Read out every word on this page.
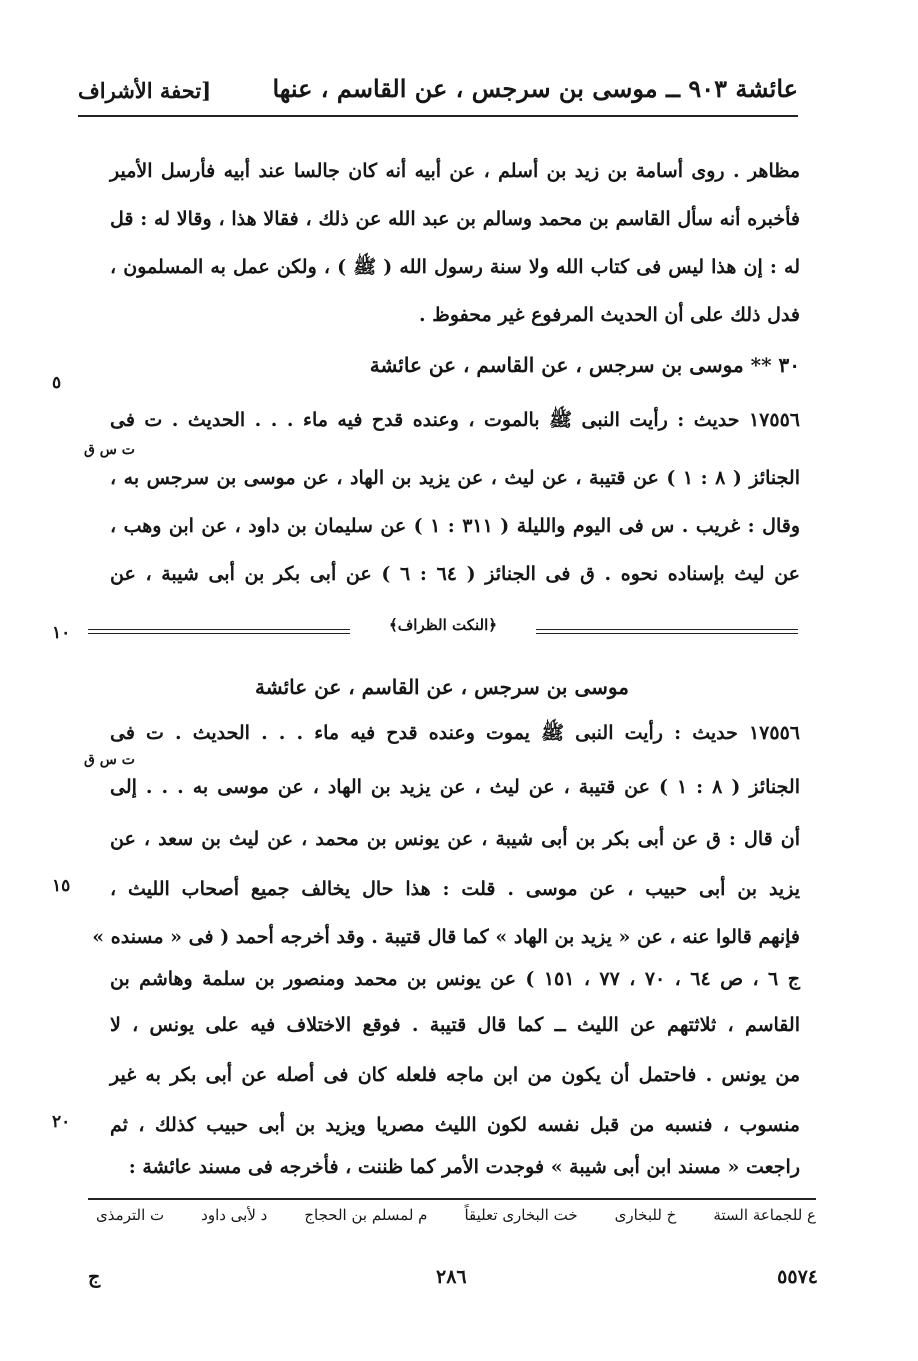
عائشة ٩٠٣ ــ موسى بن سرجس ، عن القاسم ، عنها
[تحفة الأشراف
مظاهر . روى أسامة بن زيد بن أسلم ، عن أبيه أنه كان جالسا عند أبيه فأرسل الأمير
فأخبره أنه سأل القاسم بن محمد وسالم بن عبد الله عن ذلك ، فقالا هذا ، وقالا له : قل
له : إن هذا ليس فى كتاب الله ولا سنة رسول الله ( ﷺ ) ، ولكن عمل به المسلمون ،
فدل ذلك على أن الحديث المرفوع غير محفوظ .
٣٠ ** موسى بن سرجس ، عن القاسم ، عن عائشة
٥
١٧٥٥٦ حديث : رأيت النبى ﷺ بالموت ، وعنده قدح فيه ماء . . . الحديث . ت فى
ت س ق
الجنائز ( ٨ : ١ ) عن قتيبة ، عن ليث ، عن يزيد بن الهاد ، عن موسى بن سرجس به ،
وقال : غريب . س فى اليوم والليلة ( ٣١١ : ١ ) عن سليمان بن داود ، عن ابن وهب ،
عن ليث بإسناده نحوه . ق فى الجنائز ( ٦٤ : ٦ ) عن أبى بكر بن أبى شيبة ، عن
﴿النكت الظراف﴾
١٠
موسى بن سرجس ، عن القاسم ، عن عائشة
١٧٥٥٦ حديث : رأيت النبى ﷺ يموت وعنده قدح فيه ماء . . . الحديث . ت فى
ت س ق
الجنائز ( ٨ : ١ ) عن قتيبة ، عن ليث ، عن يزيد بن الهاد ، عن موسى به . . . إلى
أن قال : ق عن أبى بكر بن أبى شيبة ، عن يونس بن محمد ، عن ليث بن سعد ، عن
يزيد بن أبى حبيب ، عن موسى . قلت : هذا حال يخالف جميع أصحاب الليث ،
١٥
فإنهم قالوا عنه ، عن « يزيد بن الهاد » كما قال قتيبة . وقد أخرجه أحمد ( فى « مسنده »
ج ٦ ، ص ٦٤ ، ٧٠ ، ٧٧ ، ١٥١ ) عن يونس بن محمد ومنصور بن سلمة وهاشم بن
القاسم ، ثلاثتهم عن الليث ــ كما قال قتيبة . فوقع الاختلاف فيه على يونس ، لا
من يونس . فاحتمل أن يكون من ابن ماجه فلعله كان فى أصله عن أبى بكر به غير
منسوب ، فنسبه من قبل نفسه لكون الليث مصريا ويزيد بن أبى حبيب كذلك ، ثم
٢٠
راجعت « مسند ابن أبى شيبة » فوجدت الأمر كما ظننت ، فأخرجه فى مسند عائشة :
ع للجماعة الستة
خ للبخارى
خت البخارى تعليقاً
م لمسلم بن الحجاج
د لأبى داود
ت الترمذى
ج	٢٨٦	٥٥٧٤
